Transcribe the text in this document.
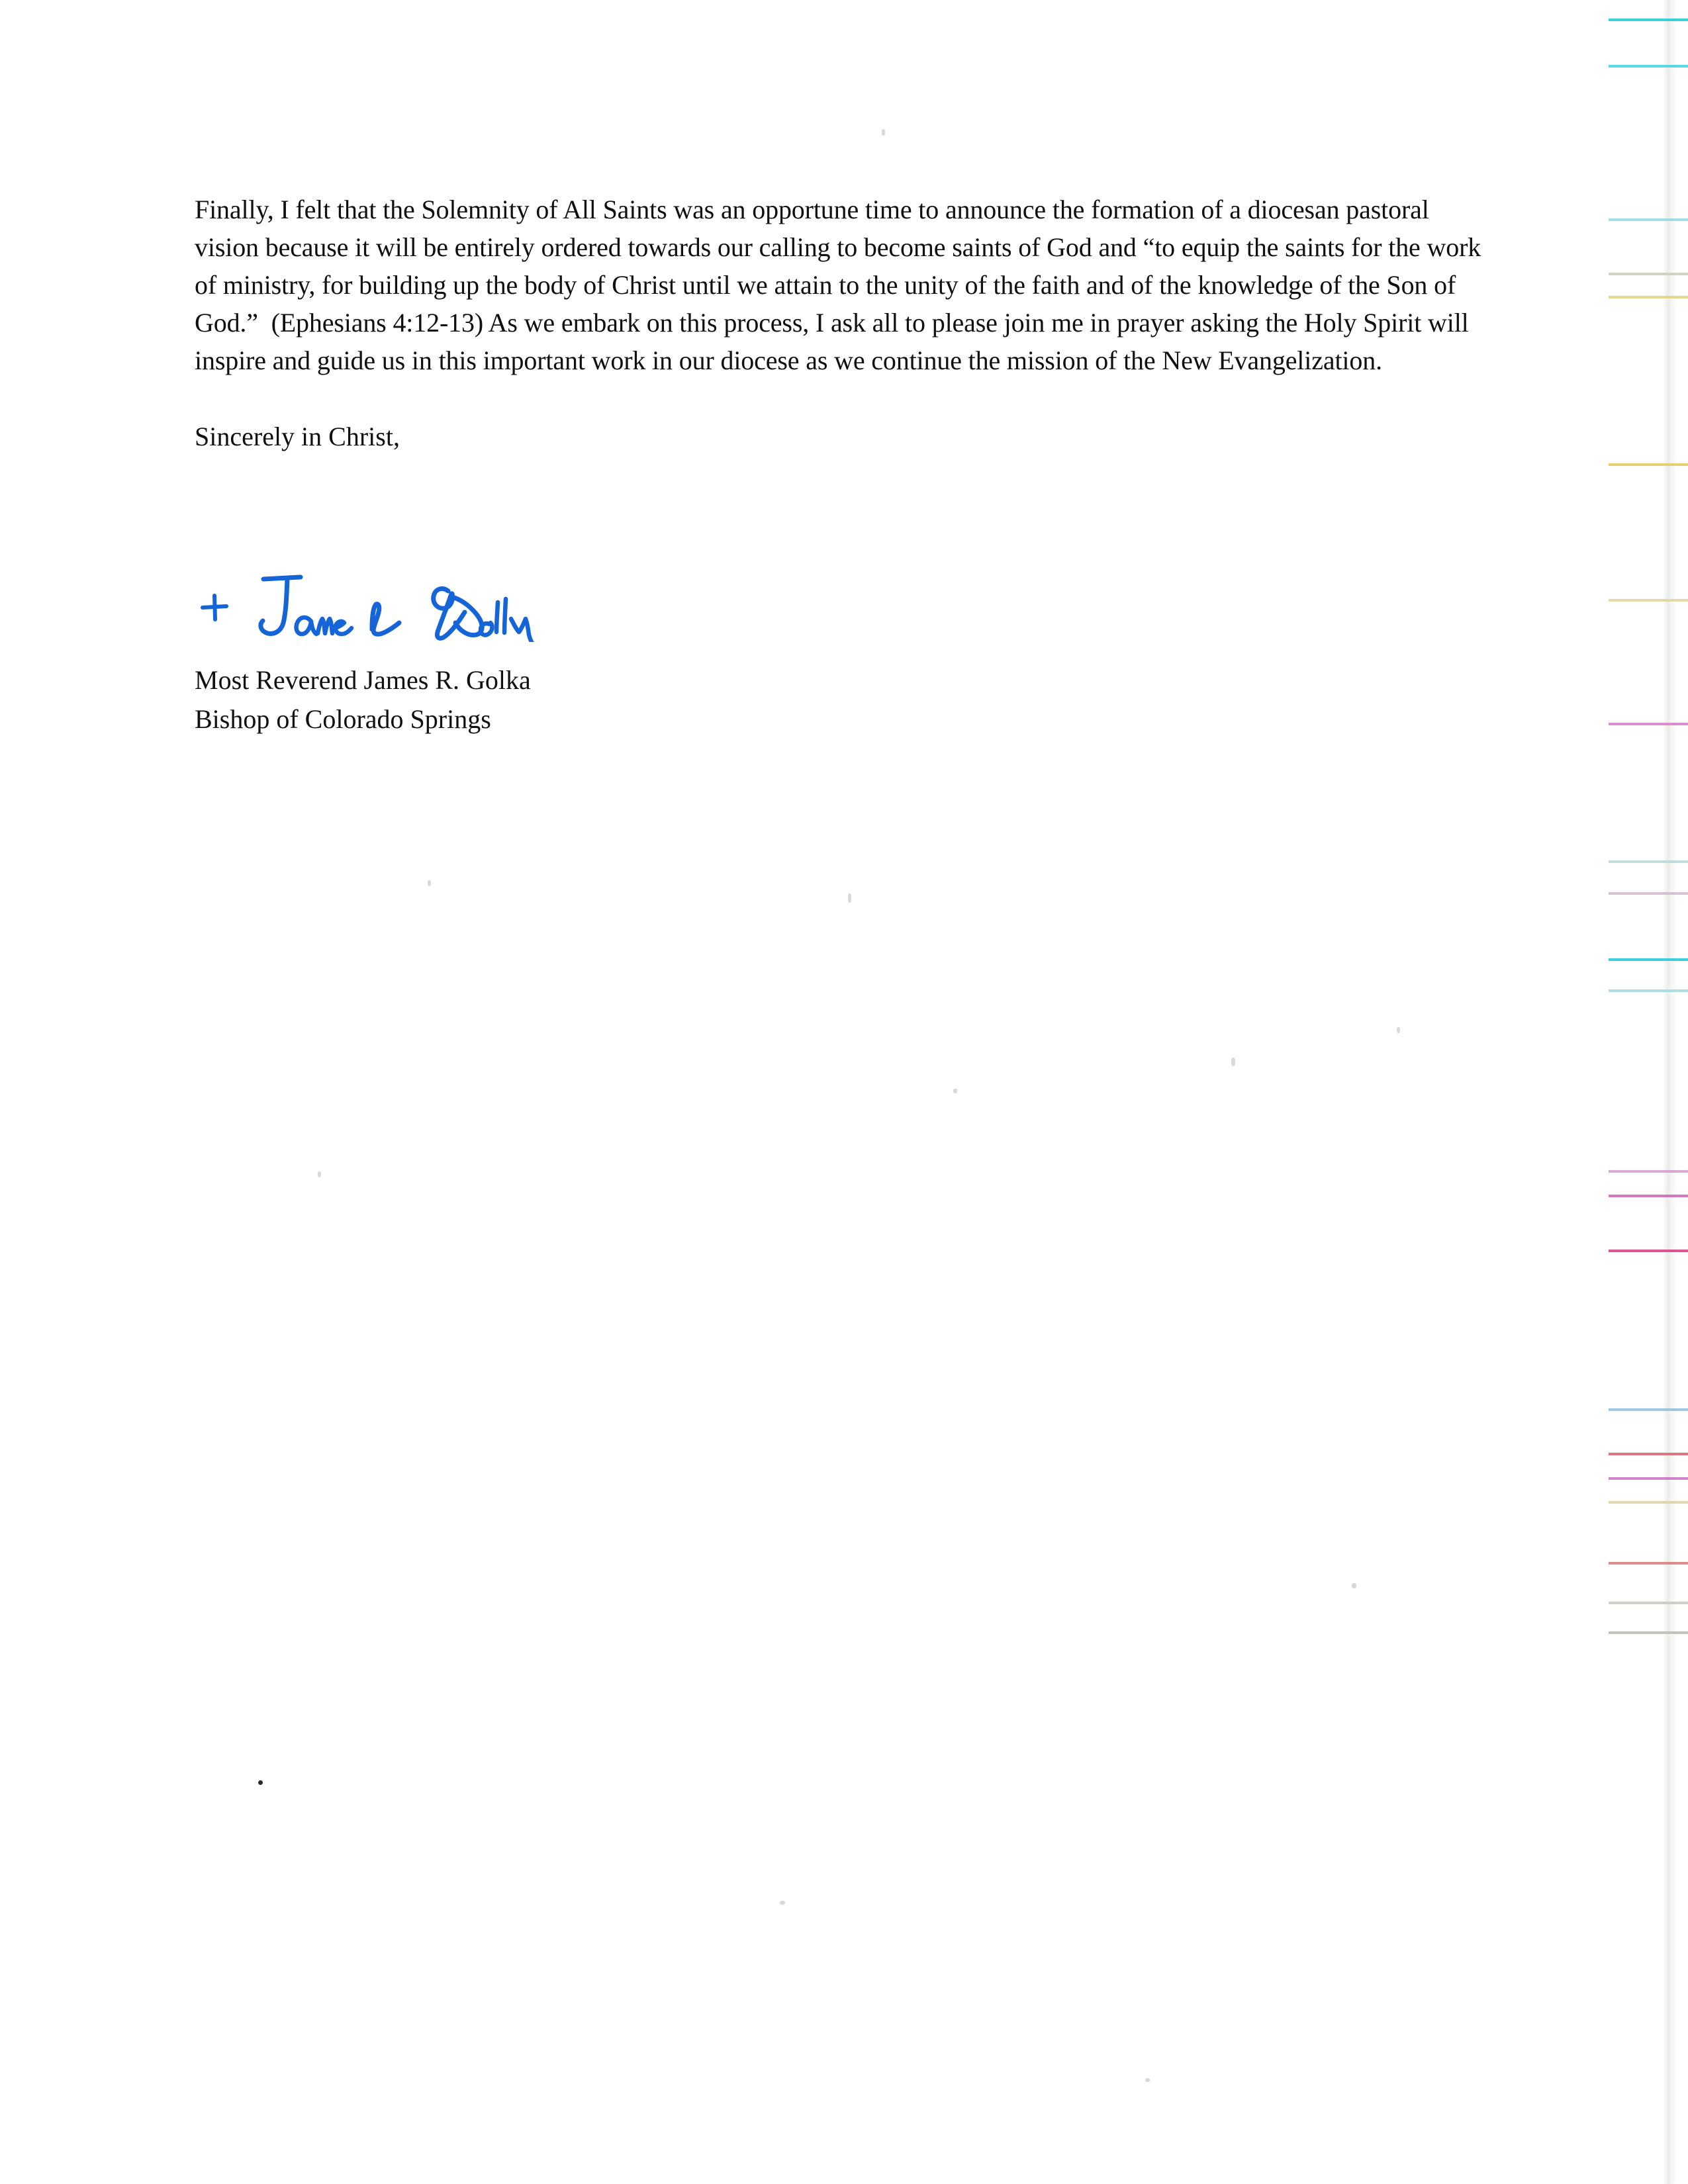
Finally, I felt that the Solemnity of All Saints was an opportune time to announce the formation of a diocesan pastoral vision because it will be entirely ordered towards our calling to become saints of God and “to equip the saints for the work of ministry, for building up the body of Christ until we attain to the unity of the faith and of the knowledge of the Son of God.”  (Ephesians 4:12-13) As we embark on this process, I ask all to please join me in prayer asking the Holy Spirit will inspire and guide us in this important work in our diocese as we continue the mission of the New Evangelization.

Sincerely in Christ,

Most Reverend James R. Golka

Bishop of Colorado Springs
